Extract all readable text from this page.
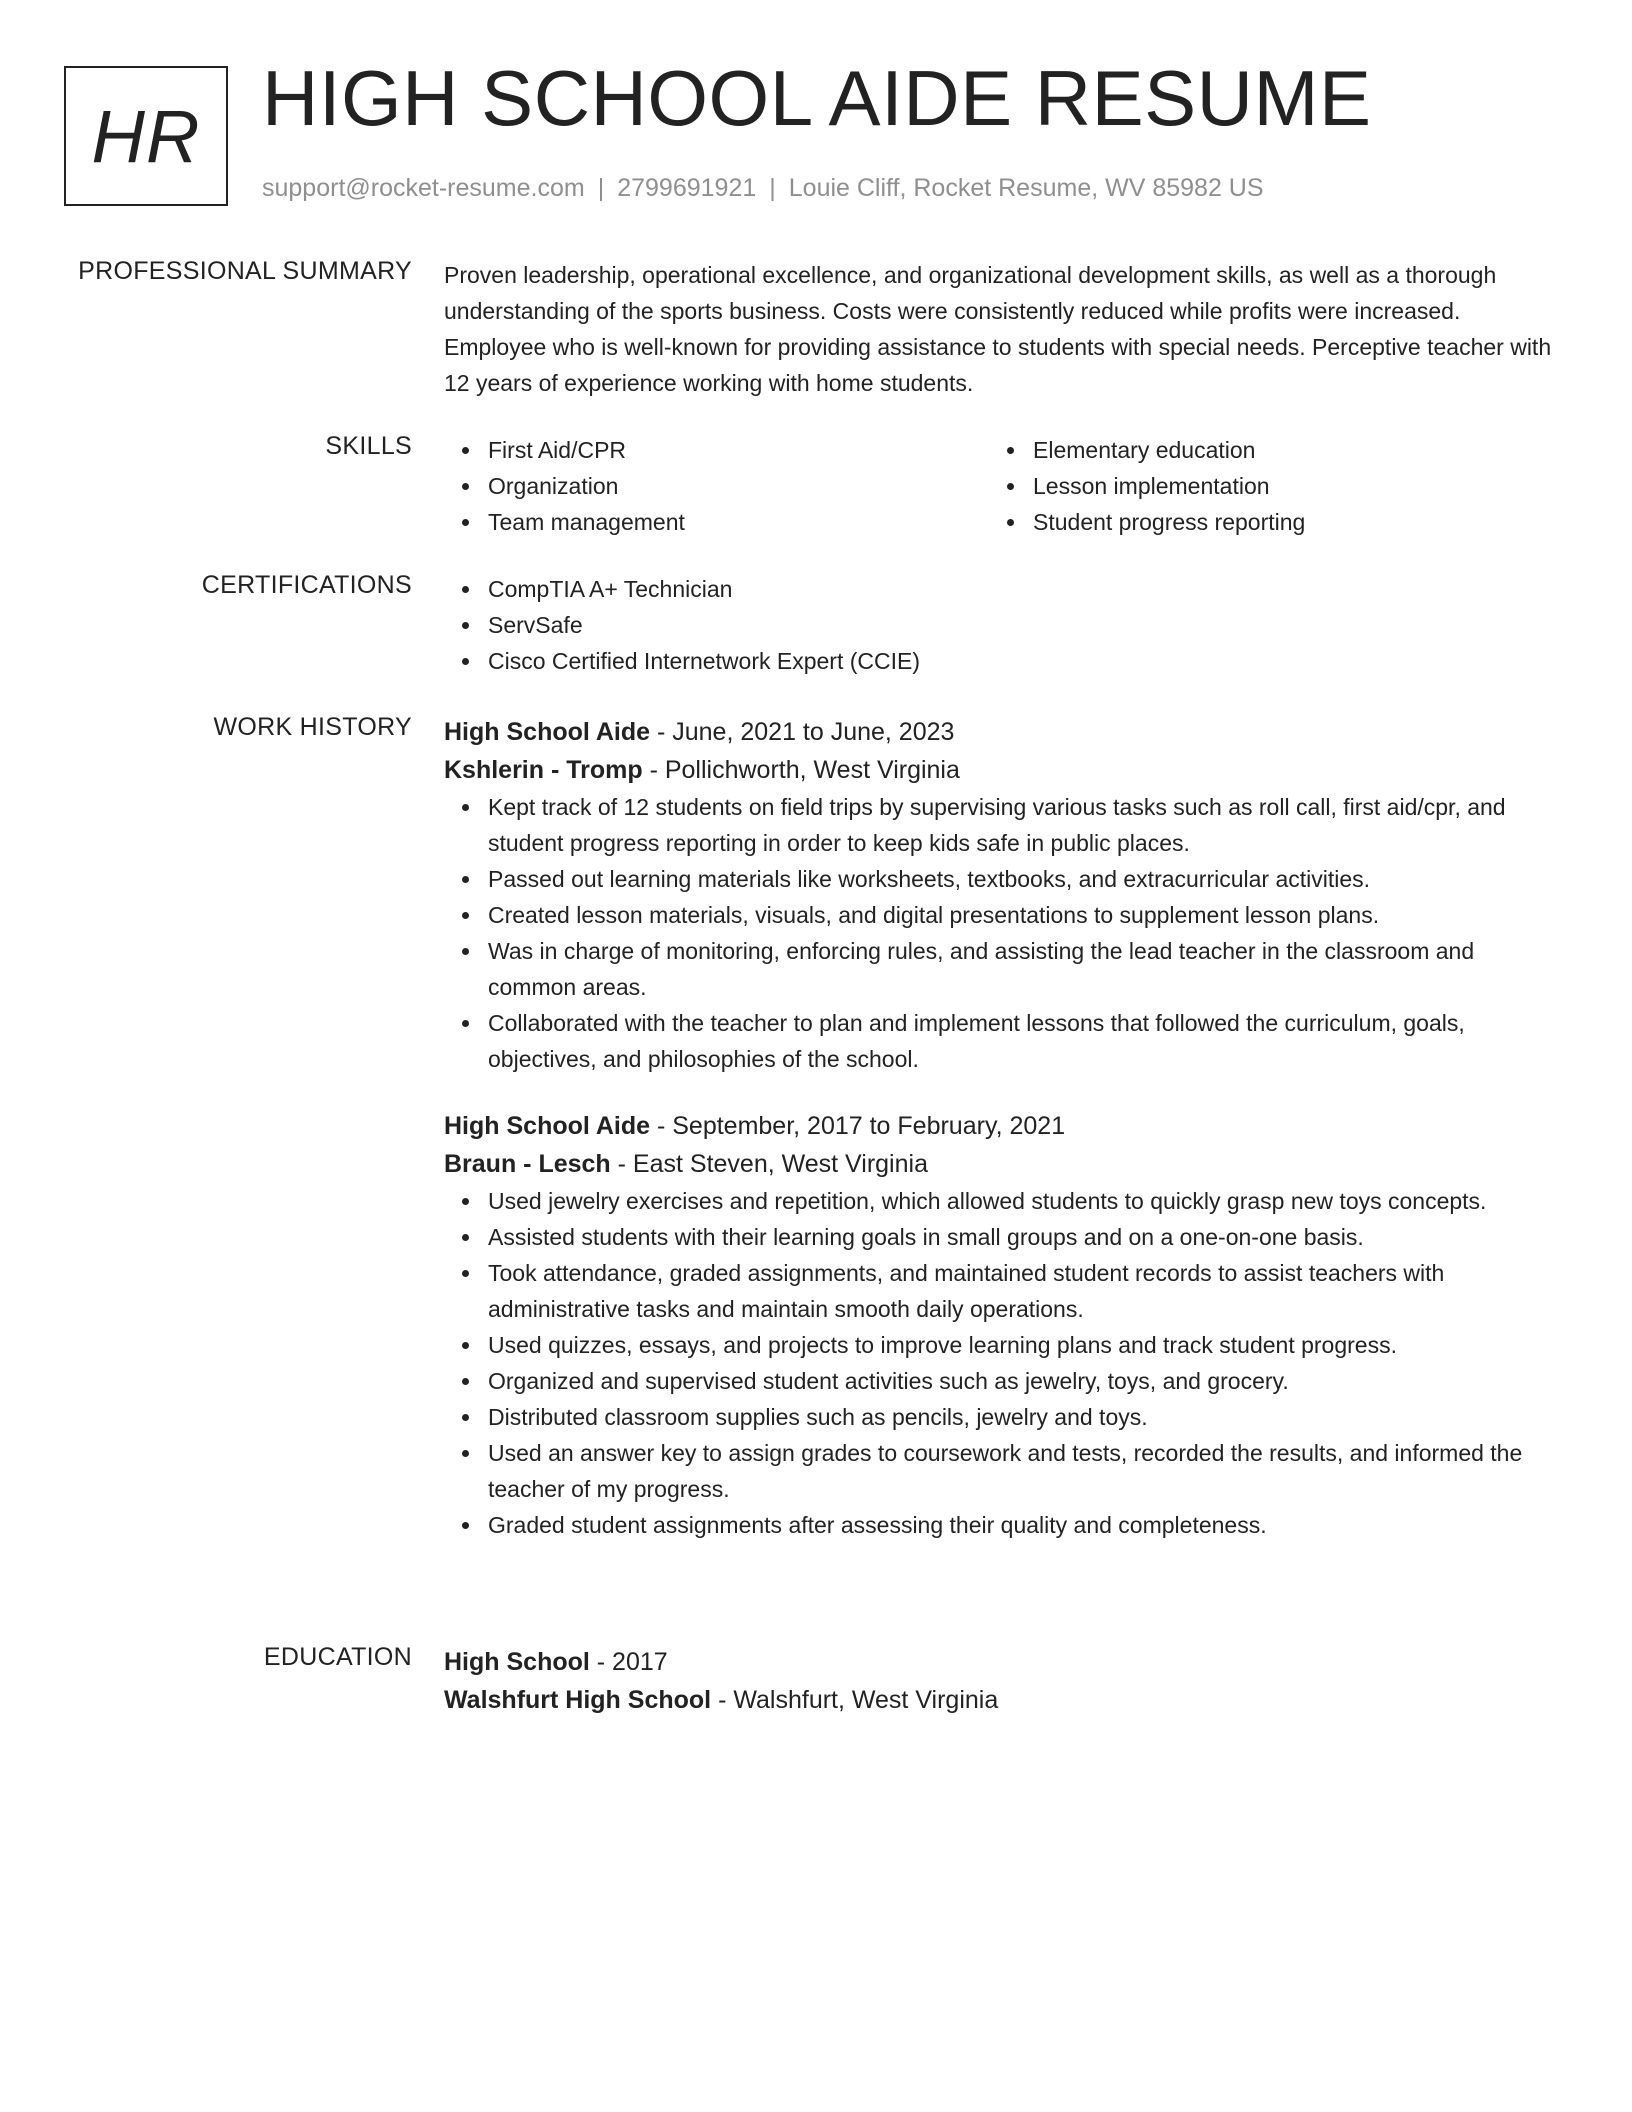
HR HIGH SCHOOL AIDE RESUME
support@rocket-resume.com | 2799691921 | Louie Cliff, Rocket Resume, WV 85982 US
PROFESSIONAL SUMMARY Proven leadership, operational excellence, and organizational development skills, as well as a thorough understanding of the sports business. Costs were consistently reduced while profits were increased. Employee who is well-known for providing assistance to students with special needs. Perceptive teacher with 12 years of experience working with home students.

SKILLS	First Aid/CPR
Organization
Team management
Elementary education
Lesson implementation
Student progress reporting
CERTIFICATIONS	CompTIA A+ Technician
ServSafe
Cisco Certified Internetwork Expert (CCIE)
WORK HISTORY High School Aide - June, 2021 to June, 2023
Kshlerin - Tromp - Pollichworth, West Virginia
Kept track of 12 students on field trips by supervising various tasks such as roll call, first aid/cpr, and student progress reporting in order to keep kids safe in public places.
Passed out learning materials like worksheets, textbooks, and extracurricular activities.
Created lesson materials, visuals, and digital presentations to supplement lesson plans.
Was in charge of monitoring, enforcing rules, and assisting the lead teacher in the classroom and common areas.
Collaborated with the teacher to plan and implement lessons that followed the curriculum, goals, objectives, and philosophies of the school.
High School Aide - September, 2017 to February, 2021
Braun - Lesch - East Steven, West Virginia
Used jewelry exercises and repetition, which allowed students to quickly grasp new toys concepts.
Assisted students with their learning goals in small groups and on a one-on-one basis.
Took attendance, graded assignments, and maintained student records to assist teachers with administrative tasks and maintain smooth daily operations.
Used quizzes, essays, and projects to improve learning plans and track student progress.
Organized and supervised student activities such as jewelry, toys, and grocery.
Distributed classroom supplies such as pencils, jewelry and toys.
Used an answer key to assign grades to coursework and tests, recorded the results, and informed the teacher of my progress.
Graded student assignments after assessing their quality and completeness.
EDUCATION High School - 2017
Walshfurt High School - Walshfurt, West Virginia
